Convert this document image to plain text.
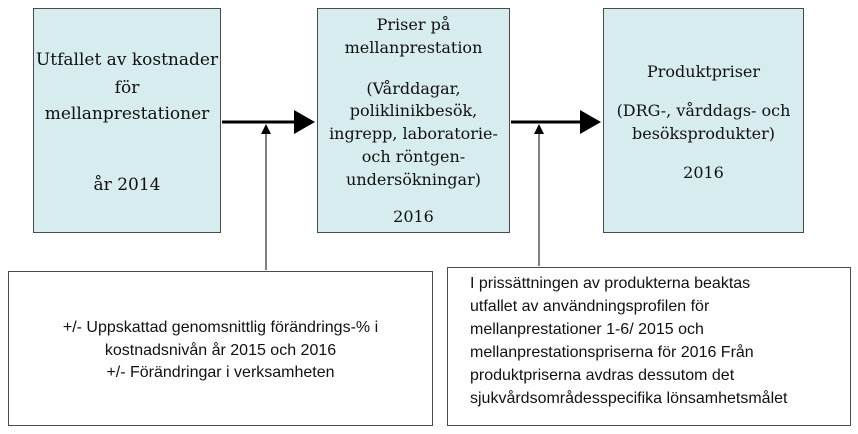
Utfallet av kostnader
för
mellanprestationer
år 2014
Priser på
mellanprestation
(Vårddagar,
poliklinikbesök,
ingrepp, laboratorie-
och röntgen-
undersökningar)
2016
Produktpriser
(DRG-, vårddags- och
besöksprodukter)
2016
+/- Uppskattad genomsnittlig förändrings-% i
kostnadsnivån år 2015 och 2016
+/- Förändringar i verksamheten
I prissättningen av produkterna beaktas
utfallet av användningsprofilen för
mellanprestationer 1-6/ 2015 och
mellanprestationspriserna för 2016 Från
produktpriserna avdras dessutom det
sjukvårdsområdesspecifika lönsamhetsmålet
